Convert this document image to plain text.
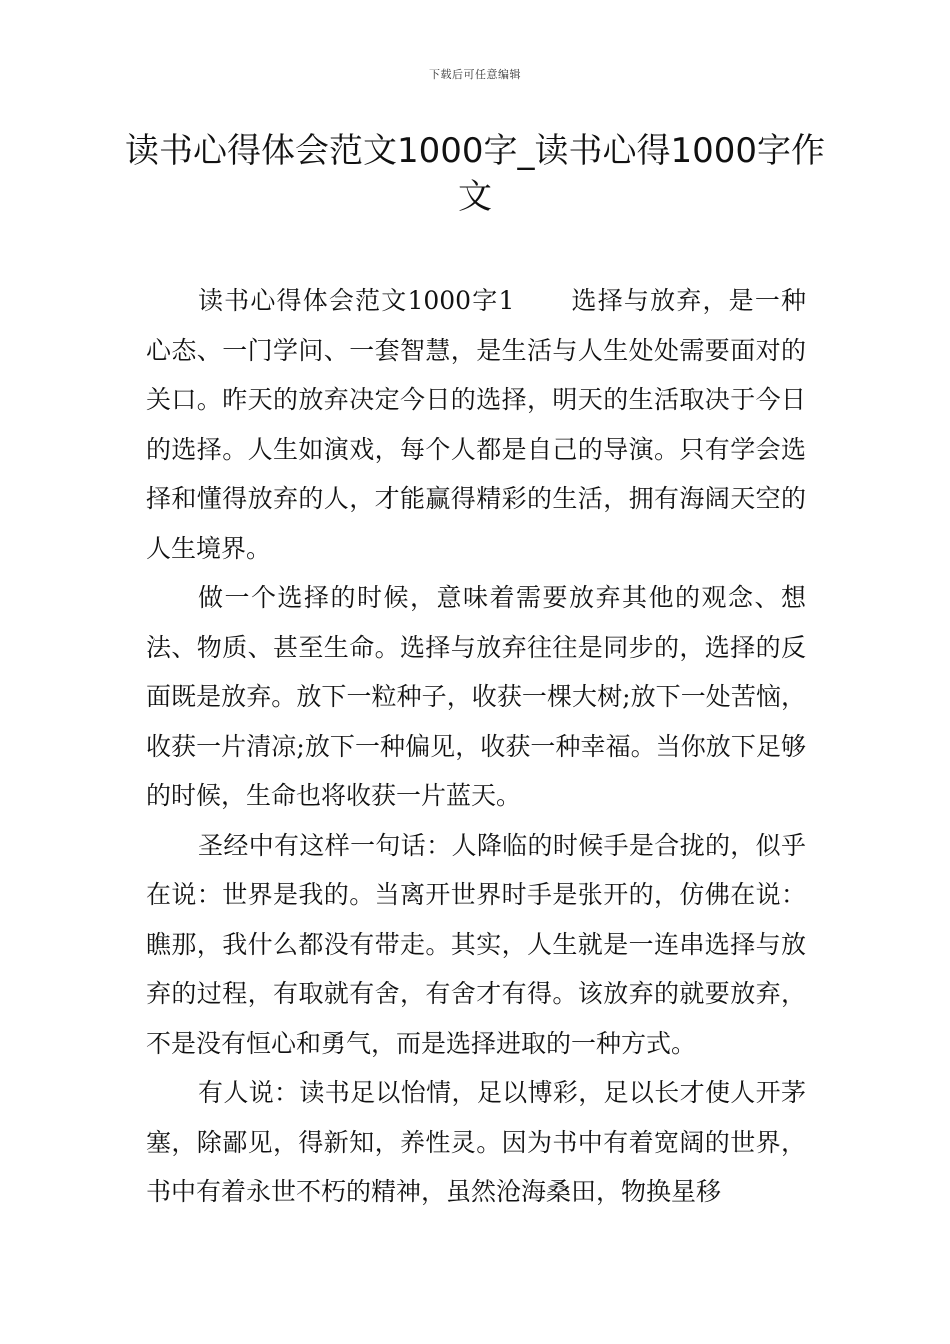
下载后可任意编辑
读书心得体会范文1000字_读书心得1000字作文

读书心得体会范文1000字1 选择与放弃，是一种心态、一门学问、一套智慧，是生活与人生处处需要面对的关口。昨天的放弃决定今日的选择，明天的生活取决于今日的选择。人生如演戏，每个人都是自己的导演。只有学会选择和懂得放弃的人，才能赢得精彩的生活，拥有海阔天空的人生境界。

做一个选择的时候，意味着需要放弃其他的观念、想法、物质、甚至生命。选择与放弃往往是同步的，选择的反面既是放弃。放下一粒种子，收获一棵大树;放下一处苦恼，收获一片清凉;放下一种偏见，收获一种幸福。当你放下足够的时候，生命也将收获一片蓝天。

圣经中有这样一句话：人降临的时候手是合拢的，似乎在说：世界是我的。当离开世界时手是张开的，仿佛在说：瞧那，我什么都没有带走。其实，人生就是一连串选择与放弃的过程，有取就有舍，有舍才有得。该放弃的就要放弃，不是没有恒心和勇气，而是选择进取的一种方式。

有人说：读书足以怡情，足以博彩，足以长才使人开茅塞，除鄙见，得新知，养性灵。因为书中有着宽阔的世界，书中有着永世不朽的精神，虽然沧海桑田，物换星移
